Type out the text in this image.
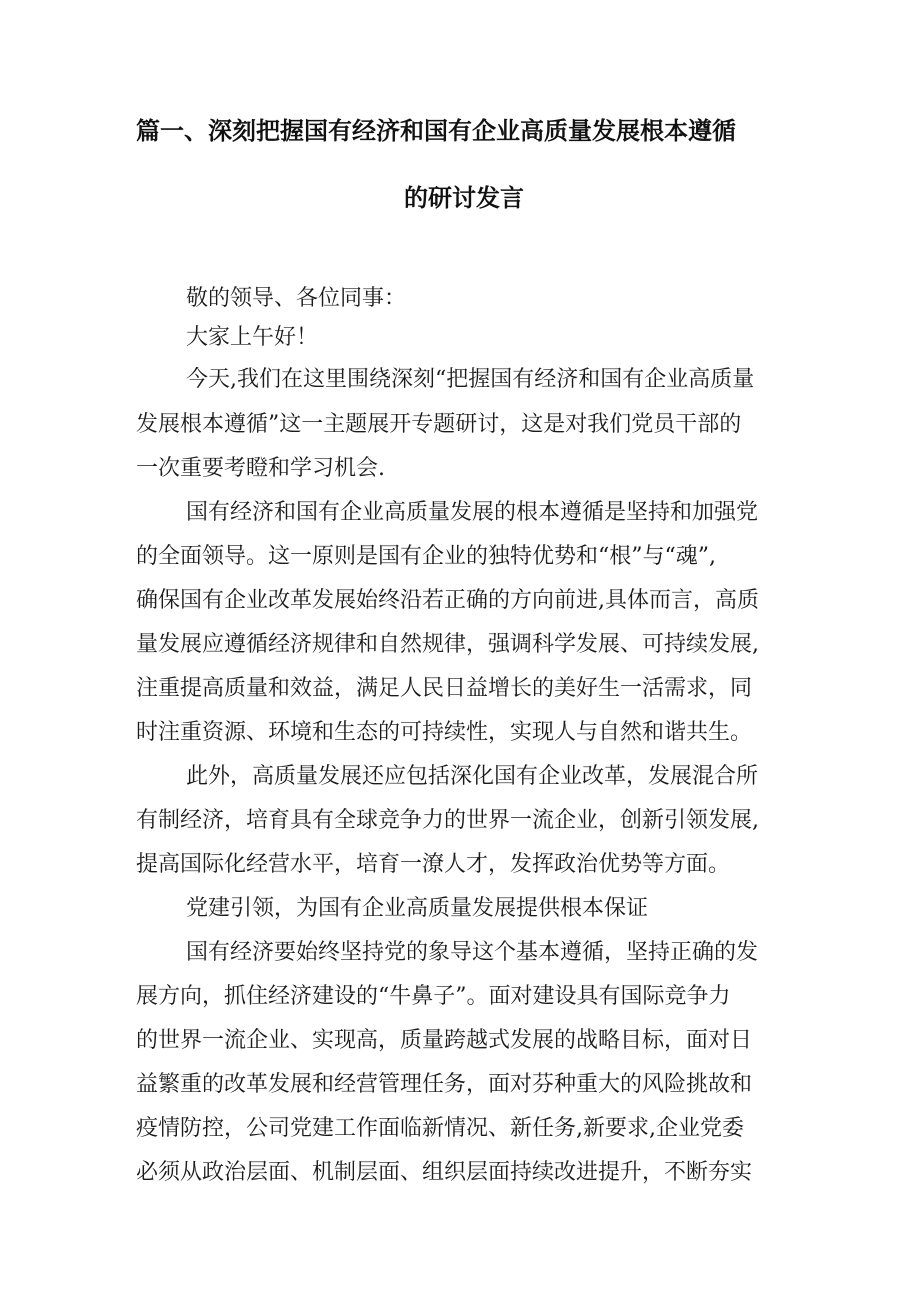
篇一、深刻把握国有经济和国有企业高质量发展根本遵循
的研讨发言
敬的领导、各位同事：
大家上午好！
今天,我们在这里围绕深刻“把握国有经济和国有企业高质量
发展根本遵循”这一主题展开专题研讨，这是对我们党员干部的
一次重要考瞪和学习机会.
国有经济和国有企业高质量发展的根本遵循是坚持和加强党
的全面领导。这一原则是国有企业的独特优势和“根”与“魂”,
确保国有企业改革发展始终沿若正确的方向前进,具体而言，高质
量发展应遵循经济规律和自然规律，强调科学发展、可持续发展,
注重提高质量和效益，满足人民日益增长的美好生一活需求，同
时注重资源、环境和生态的可持续性，实现人与自然和谐共生。
此外，高质量发展还应包括深化国有企业改革，发展混合所
有制经济，培育具有全球竞争力的世界一流企业，创新引领发展,
提高国际化经营水平，培育一潦人才，发挥政治优势等方面。
党建引领，为国有企业高质量发展提供根本保证
国有经济要始终坚持党的象导这个基本遵循，坚持正确的发
展方向，抓住经济建设的“牛鼻子”。面对建设具有国际竞争力
的世界一流企业、实现高，质量跨越式发展的战略目标，面对日
益繁重的改革发展和经营管理任务，面对芬种重大的风险挑故和
疫情防控，公司党建工作面临新情况、新任务,新要求,企业党委
必须从政治层面、机制层面、组织层面持续改进提升，不断夯实
